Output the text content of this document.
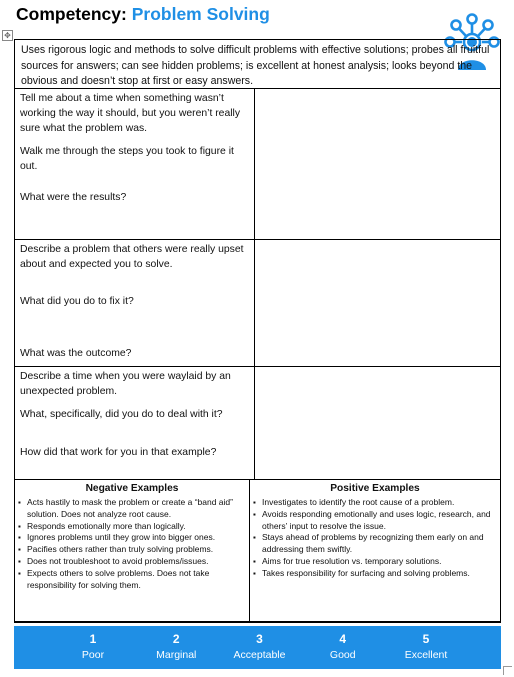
Competency: Problem Solving
✥
Uses rigorous logic and methods to solve difficult problems with effective solutions; probes all fruitful sources for answers; can see hidden problems; is excellent at honest analysis; looks beyond the obvious and doesn’t stop at first or easy answers.

Tell me about a time when something wasn’t working the way it should, but you weren’t really sure what the problem was.

Walk me through the steps you took to figure it out.

What were the results?

Describe a problem that others were really upset about and expected you to solve.

What did you do to fix it?

What was the outcome?

Describe a time when you were waylaid by an unexpected problem.

What, specifically, did you do to deal with it?

How did that work for you in that example?

Negative Examples
▪ Acts hastily to mask the problem or create a “band aid” solution. Does not analyze root cause.
▪ Responds emotionally more than logically.
▪ Ignores problems until they grow into bigger ones.
▪ Pacifies others rather than truly solving problems.
▪ Does not troubleshoot to avoid problems/issues.
▪ Expects others to solve problems. Does not take responsibility for solving them.
Positive Examples
▪ Investigates to identify the root cause of a problem.
▪ Avoids responding emotionally and uses logic, research, and others’ input to resolve the issue.
▪ Stays ahead of problems by recognizing them early on and addressing them swiftly.
▪ Aims for true resolution vs. temporary solutions.
▪ Takes responsibility for surfacing and solving problems.
1
Poor
2
Marginal
3
Acceptable
4
Good
5
Excellent
